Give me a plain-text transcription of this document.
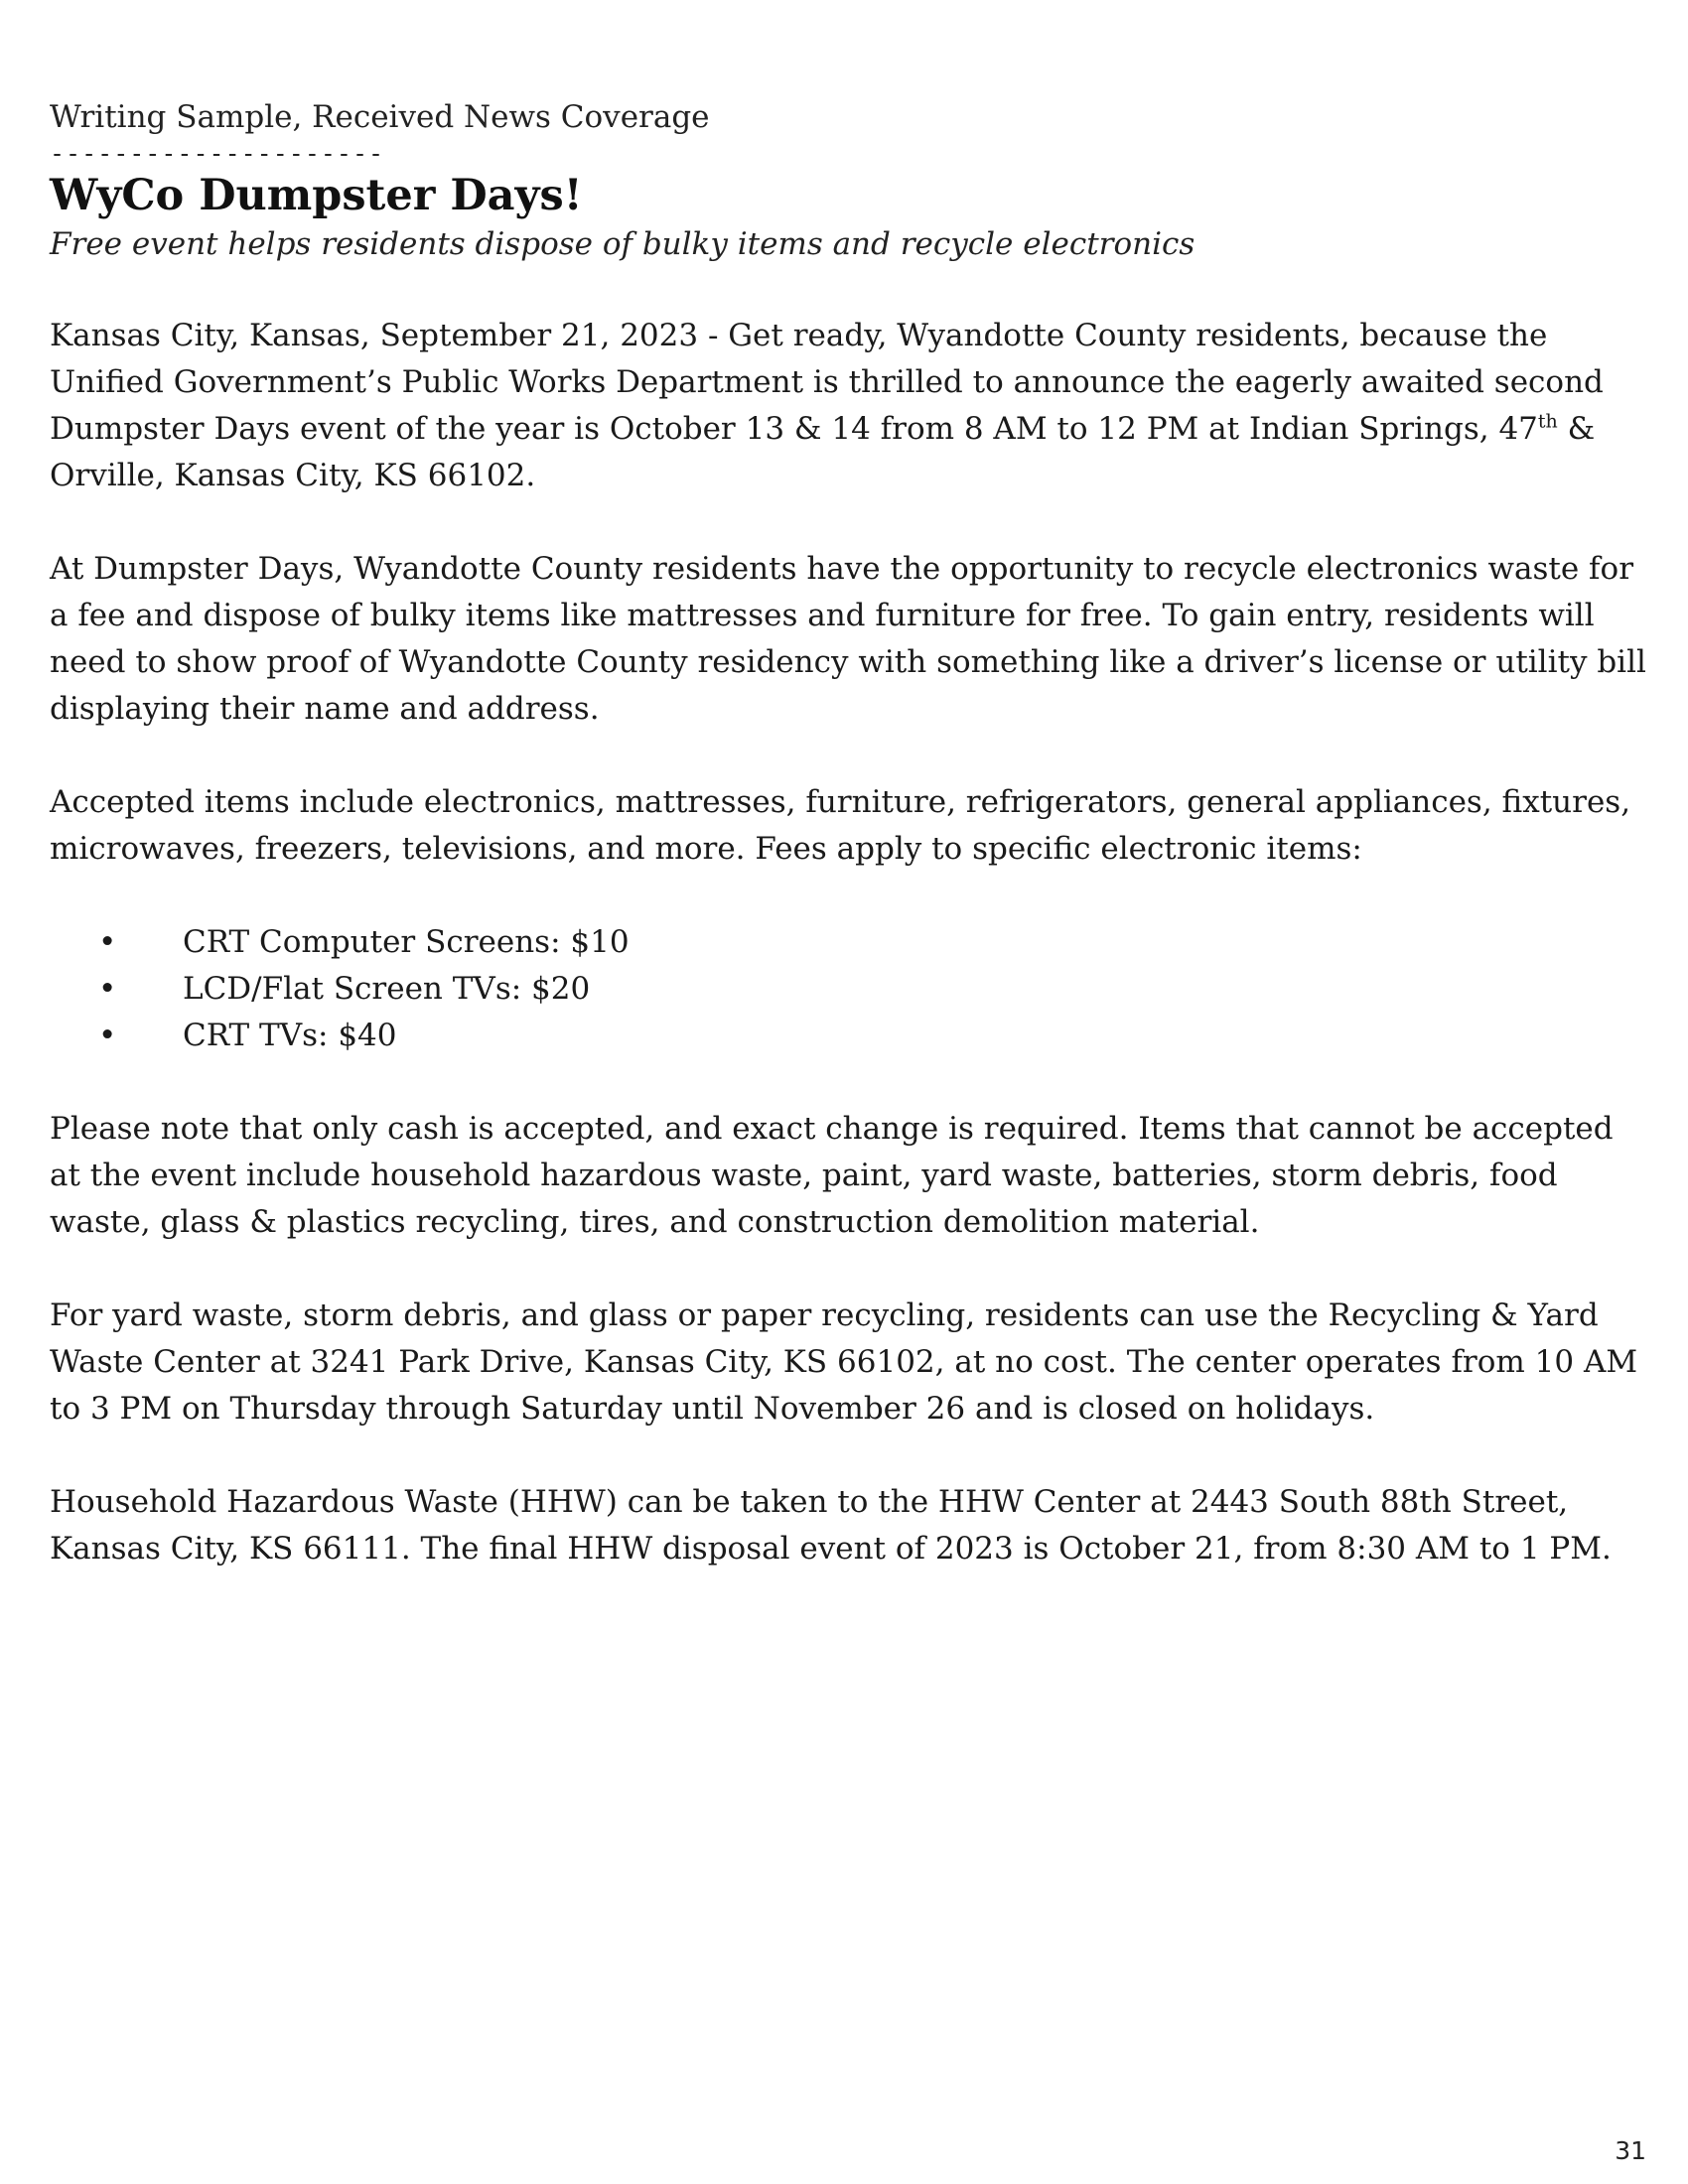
Writing Sample, Received News Coverage

---------------------
WyCo Dumpster Days!

Free event helps residents dispose of bulky items and recycle electronics

Kansas City, Kansas, September 21, 2023 - Get ready, Wyandotte County residents, because the Unified Government’s Public Works Department is thrilled to announce the eagerly awaited second Dumpster Days event of the year is October 13 & 14 from 8 AM to 12 PM at Indian Springs, 47th & Orville, Kansas City, KS 66102.

At Dumpster Days, Wyandotte County residents have the opportunity to recycle electronics waste for a fee and dispose of bulky items like mattresses and furniture for free. To gain entry, residents will need to show proof of Wyandotte County residency with something like a driver’s license or utility bill displaying their name and address.

Accepted items include electronics, mattresses, furniture, refrigerators, general appliances, fixtures, microwaves, freezers, televisions, and more. Fees apply to specific electronic items:

• CRT Computer Screens: $10
• LCD/Flat Screen TVs: $20
• CRT TVs: $40

Please note that only cash is accepted, and exact change is required. Items that cannot be accepted at the event include household hazardous waste, paint, yard waste, batteries, storm debris, food waste, glass & plastics recycling, tires, and construction demolition material.

For yard waste, storm debris, and glass or paper recycling, residents can use the Recycling & Yard Waste Center at 3241 Park Drive, Kansas City, KS 66102, at no cost. The center operates from 10 AM to 3 PM on Thursday through Saturday until November 26 and is closed on holidays.

Household Hazardous Waste (HHW) can be taken to the HHW Center at 2443 South 88th Street, Kansas City, KS 66111. The final HHW disposal event of 2023 is October 21, from 8:30 AM to 1 PM.

31
